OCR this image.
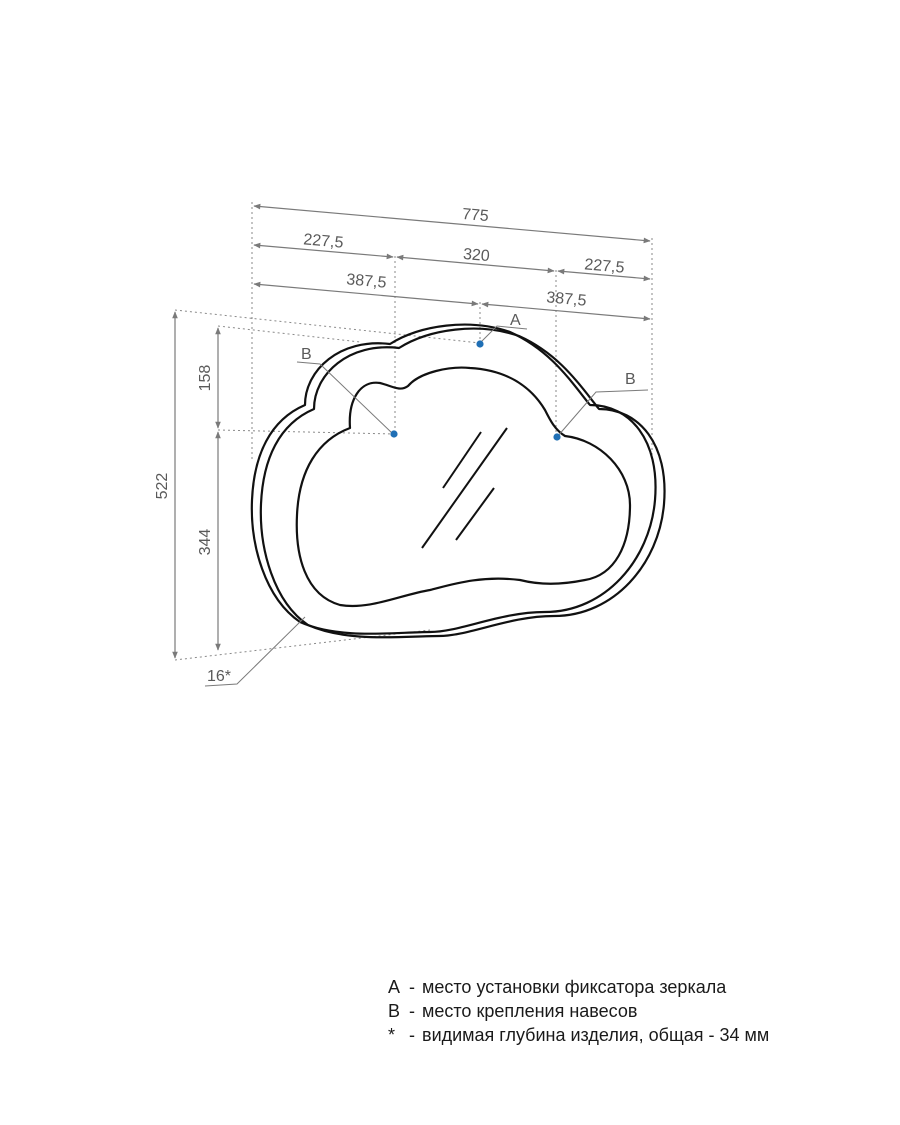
775
227,5
320
227,5
387,5
387,5
522
158
344
16*
A
B
B
A - место установки фиксатора зеркала
B - место крепления навесов
* - видимая глубина изделия, общая - 34 мм
